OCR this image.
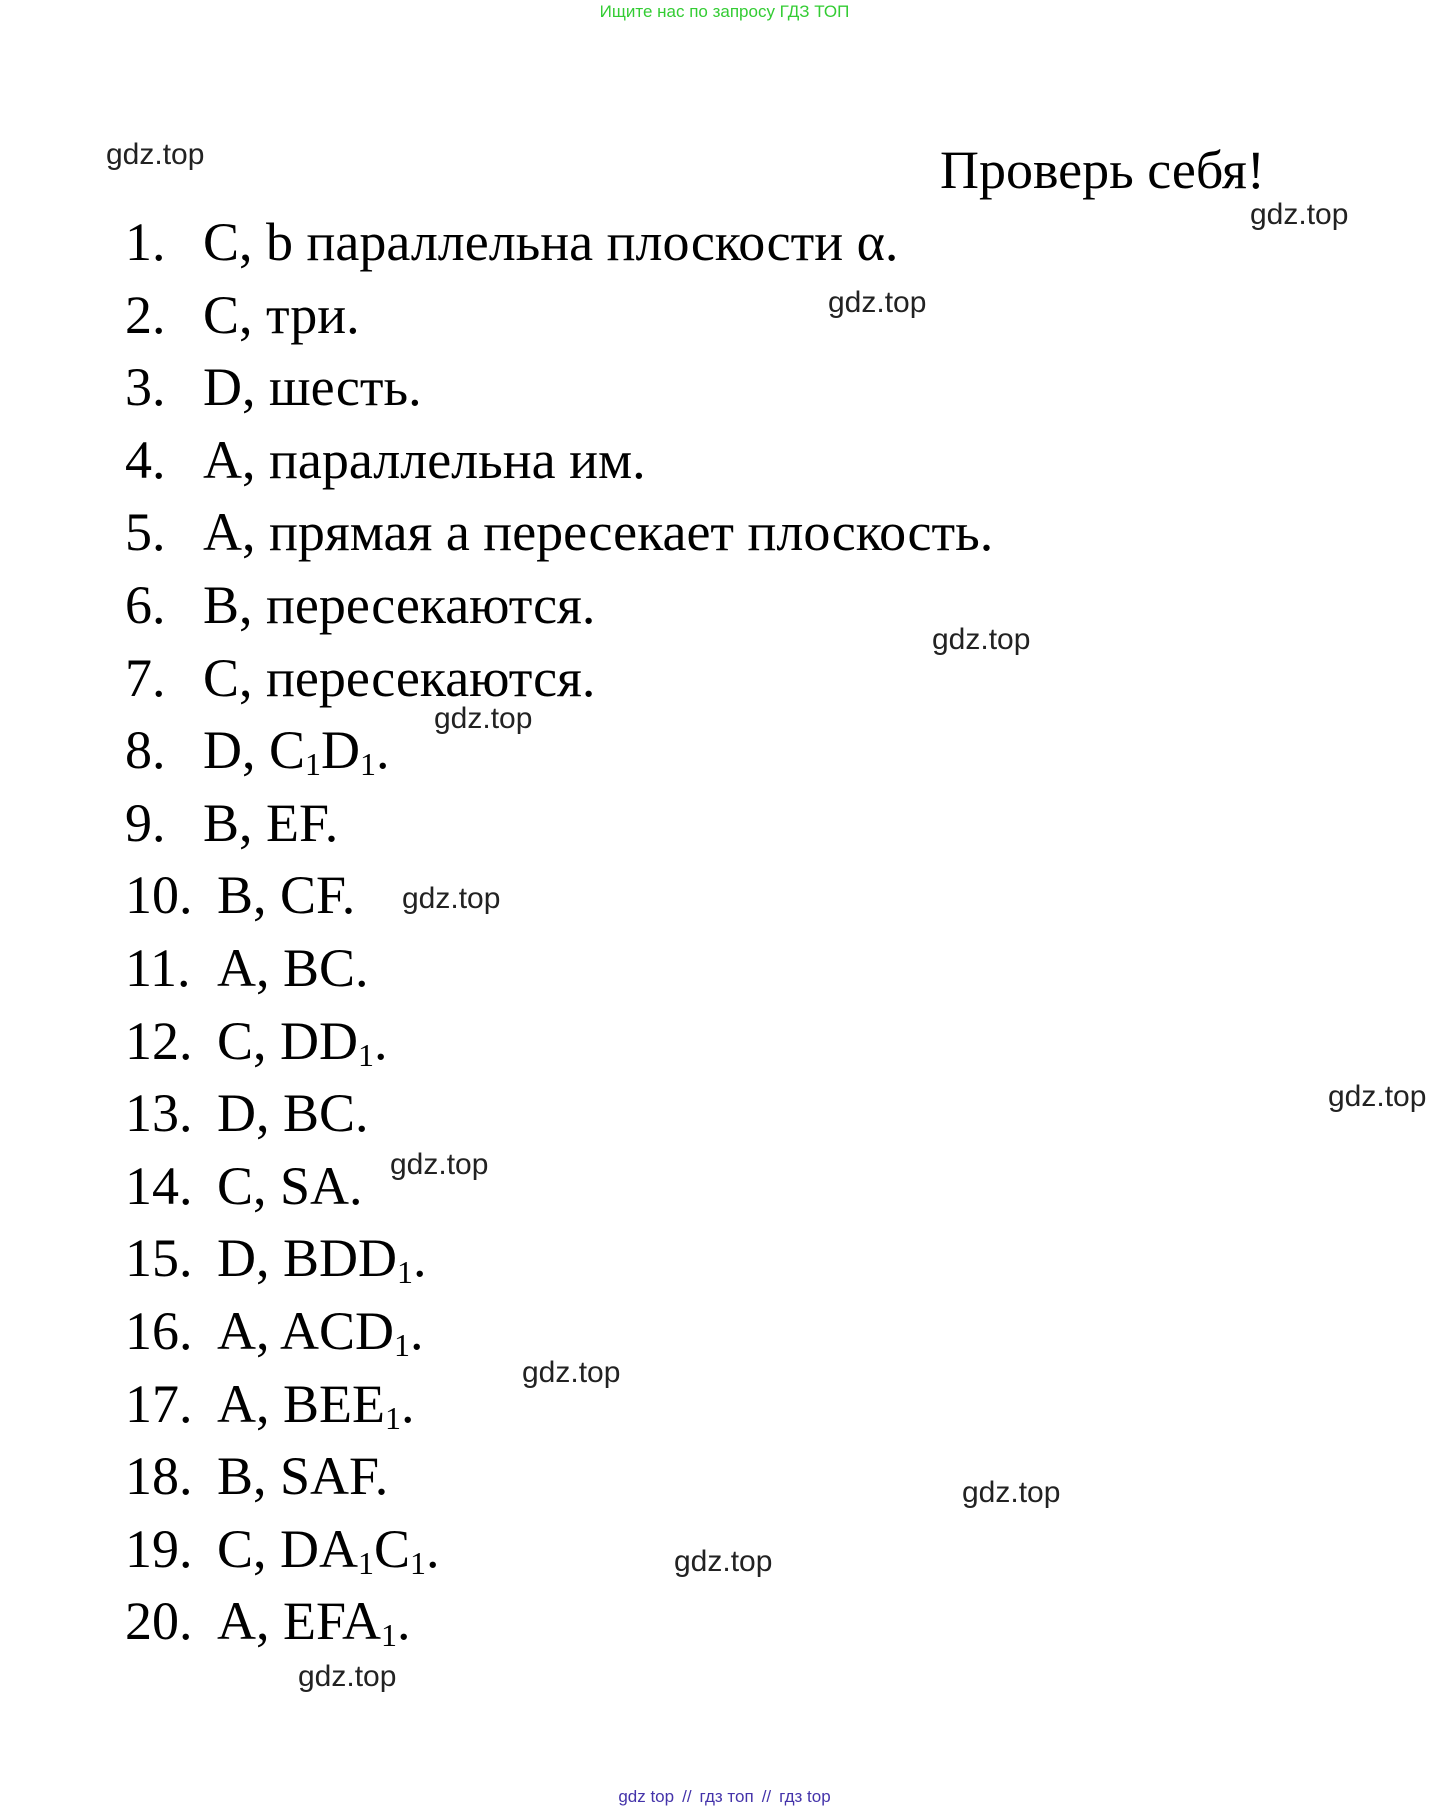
Ищите нас по запросу ГДЗ ТОП
Проверь себя!
1. C, b параллельна плоскости α.
2. C, три.
3. D, шесть.
4. A, параллельна им.
5. A, прямая a пересекает плоскость.
6. B, пересекаются.
7. C, пересекаются.
8. D, $C_1D_1$.
9. B, EF.
10. B, CF.
11. A, BC.
12. C, $DD_1$.
13. D, BC.
14. C, SA.
15. D, $BDD_1$.
16. A, $ACD_1$.
17. A, $BEE_1$.
18. B, SAF.
19. C, $DA_1C_1$.
20. A, $EFA_1$.
gdz.top
gdz.top
gdz.top
gdz.top
gdz.top
gdz.top
gdz.top
gdz.top
gdz.top
gdz.top
gdz.top
gdz.top
gdz top // гдз топ // гдз top
